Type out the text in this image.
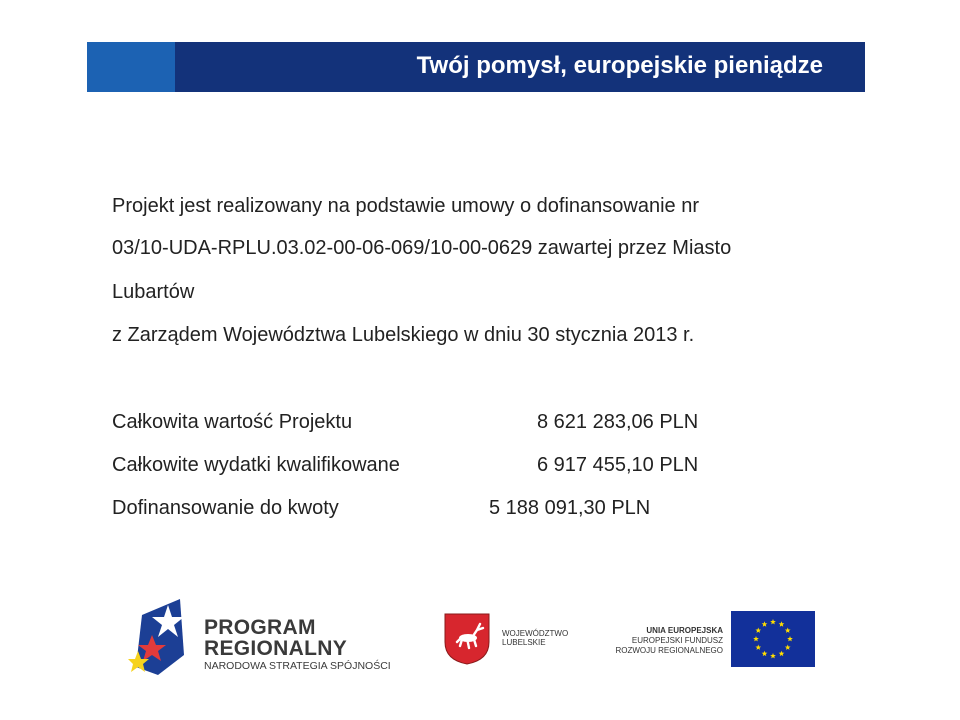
Twój pomysł, europejskie pieniądze
Projekt jest realizowany na podstawie umowy o dofinansowanie nr
03/10-UDA-RPLU.03.02-00-06-069/10-00-0629 zawartej przez Miasto
Lubartów
z Zarządem Województwa Lubelskiego w dniu 30 stycznia 2013 r.
Całkowita wartość Projektu	8 621 283,06 PLN
Całkowite wydatki kwalifikowane	6 917 455,10 PLN
Dofinansowanie do kwoty	5 188 091,30 PLN
PROGRAM
REGIONALNY
NARODOWA STRATEGIA SPÓJNOŚCI
WOJEWÓDZTWO
LUBELSKIE
UNIA EUROPEJSKA
EUROPEJSKI FUNDUSZ
ROZWOJU REGIONALNEGO
